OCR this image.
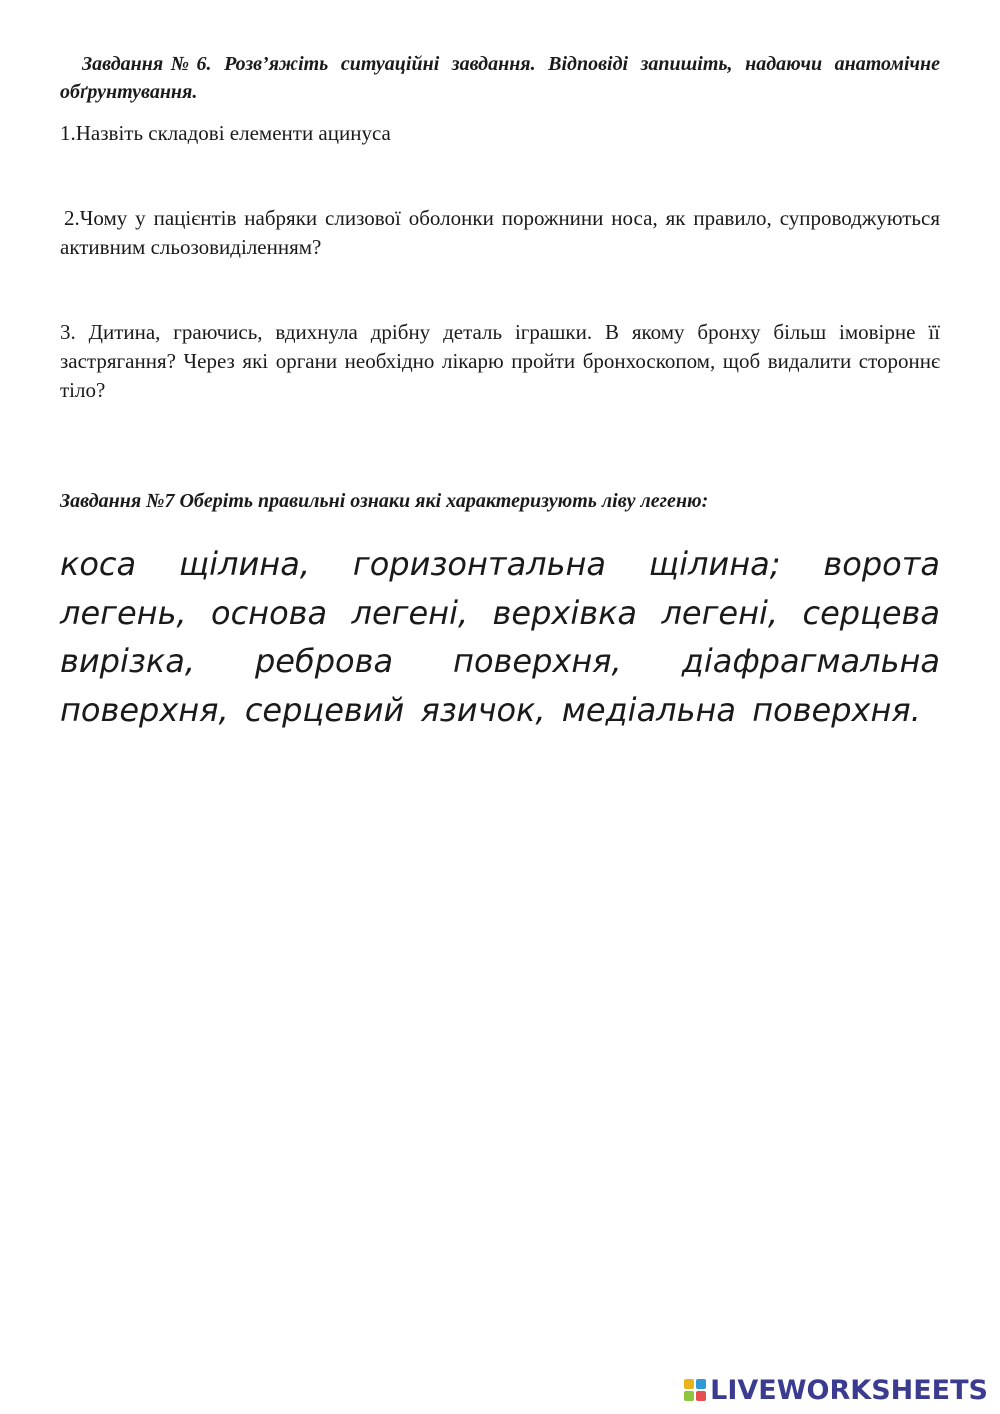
Завдання№6. Розв’яжіть ситуаційні завдання. Відповіді запишіть, надаючи анатомічне обґрунтування.
1.Назвіть складові елементи ацинуса
2.Чому у пацієнтів набряки слизової оболонки порожнини носа, як правило, супроводжуються активним сльозовиділенням?
3. Дитина, граючись, вдихнула дрібну деталь іграшки. В якому бронху більш імовірне її застрягання? Через які органи необхідно лікарю пройти бронхоскопом, щоб видалити стороннє тіло?
Завдання №7 Оберіть правильні ознаки які характеризують ліву легеню:
коса щілина, горизонтальна щілина; ворота легень, основа легені, верхівка легені, серцева вирізка, реброва поверхня, діафрагмальна поверхня, серцевий язичок, медіальна поверхня.
LIVEWORKSHEETS
